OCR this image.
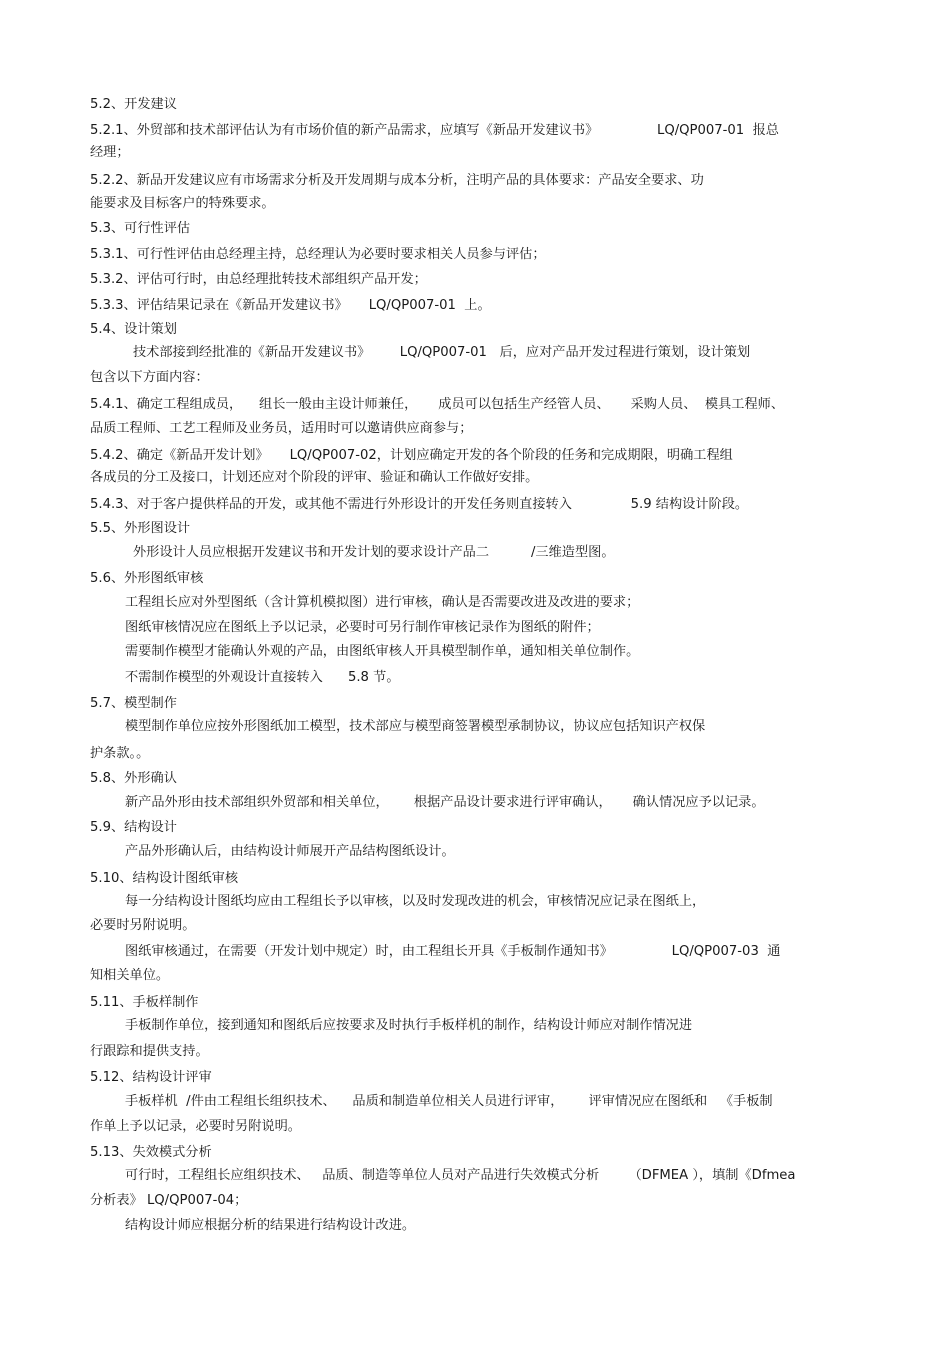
5.2、开发建议
5.2.1、外贸部和技术部评估认为有市场价值的新产品需求，应填写《新品开发建议书》              LQ/QP007-01  报总
经理；
5.2.2、新品开发建议应有市场需求分析及开发周期与成本分析，注明产品的具体要求：产品安全要求、功
能要求及目标客户的特殊要求。
5.3、可行性评估
5.3.1、可行性评估由总经理主持，总经理认为必要时要求相关人员参与评估；
5.3.2、评估可行时，由总经理批转技术部组织产品开发；
5.3.3、评估结果记录在《新品开发建议书》     LQ/QP007-01  上。
5.4、设计策划
技术部接到经批准的《新品开发建议书》       LQ/QP007-01   后，应对产品开发过程进行策划，设计策划
包含以下方面内容：
5.4.1、确定工程组成员，    组长一般由主设计师兼任，     成员可以包括生产经管人员、     采购人员、  模具工程师、
品质工程师、工艺工程师及业务员，适用时可以邀请供应商参与；
5.4.2、确定《新品开发计划》     LQ/QP007-02，计划应确定开发的各个阶段的任务和完成期限，明确工程组
各成员的分工及接口，计划还应对个阶段的评审、验证和确认工作做好安排。
5.4.3、对于客户提供样品的开发，或其他不需进行外形设计的开发任务则直接转入              5.9 结构设计阶段。
5.5、外形图设计
外形设计人员应根据开发建议书和开发计划的要求设计产品二          /三维造型图。
5.6、外形图纸审核
工程组长应对外型图纸（含计算机模拟图）进行审核，确认是否需要改进及改进的要求；
图纸审核情况应在图纸上予以记录，必要时可另行制作审核记录作为图纸的附件；
需要制作模型才能确认外观的产品，由图纸审核人开具模型制作单，通知相关单位制作。
不需制作模型的外观设计直接转入      5.8 节。
5.7、模型制作
模型制作单位应按外形图纸加工模型，技术部应与模型商签署模型承制协议，协议应包括知识产权保
护条款。。
5.8、外形确认
新产品外形由技术部组织外贸部和相关单位，      根据产品设计要求进行评审确认，     确认情况应予以记录。
5.9、结构设计
产品外形确认后，由结构设计师展开产品结构图纸设计。
5.10、结构设计图纸审核
每一分结构设计图纸均应由工程组长予以审核，以及时发现改进的机会，审核情况应记录在图纸上，
必要时另附说明。
图纸审核通过，在需要（开发计划中规定）时，由工程组长开具《手板制作通知书》              LQ/QP007-03  通
知相关单位。
5.11、手板样制作
手板制作单位，接到通知和图纸后应按要求及时执行手板样机的制作，结构设计师应对制作情况进
行跟踪和提供支持。
5.12、结构设计评审
手板样机  /件由工程组长组织技术、    品质和制造单位相关人员进行评审，      评审情况应在图纸和   《手板制
作单上予以记录，必要时另附说明。
5.13、失效模式分析
可行时，工程组长应组织技术、   品质、制造等单位人员对产品进行失效模式分析       （DFMEA ），填制《Dfmea
分析表》 LQ/QP007-04；
结构设计师应根据分析的结果进行结构设计改进。
